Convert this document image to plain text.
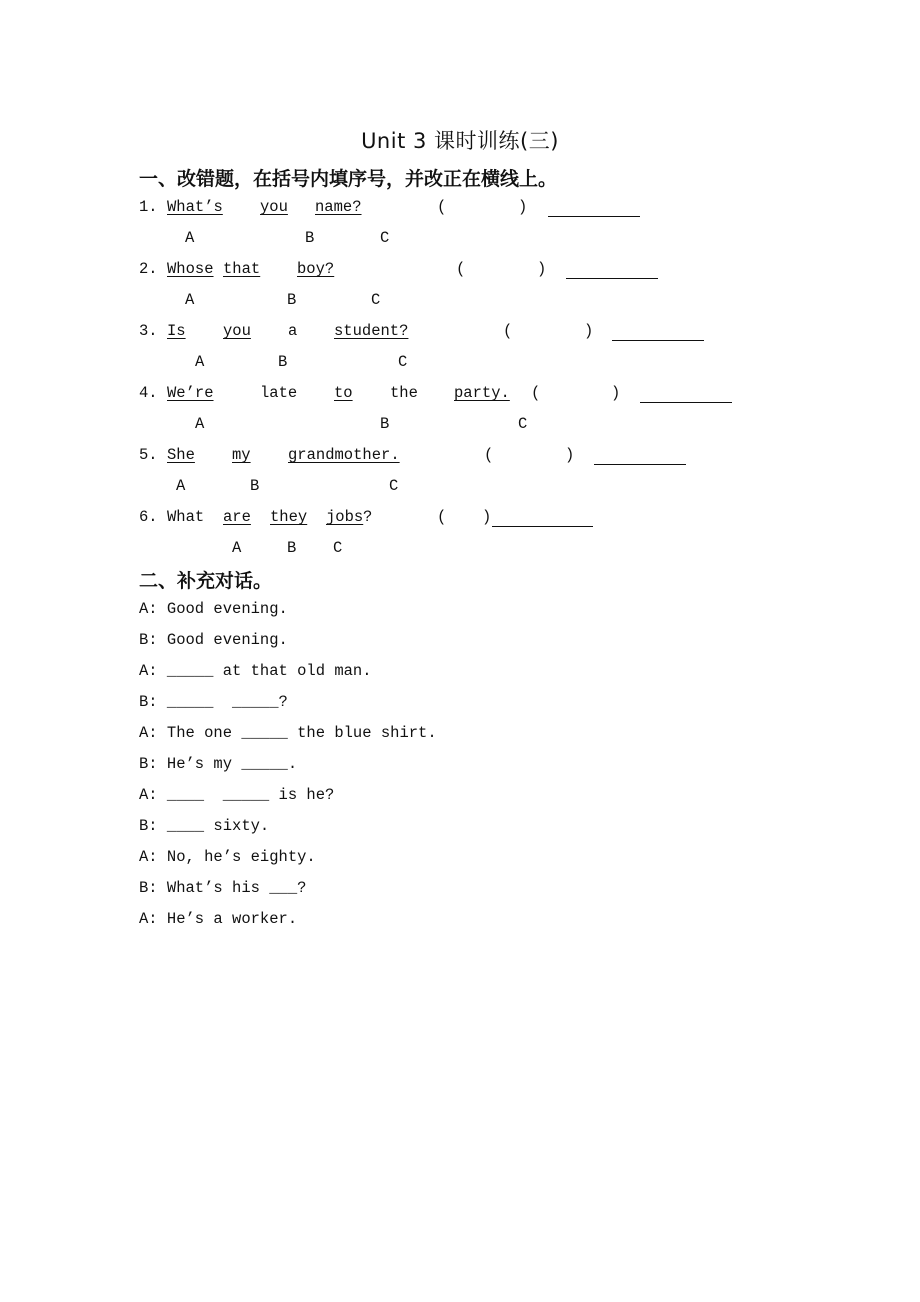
Unit 3 课时训练(三)
一、改错题，在括号内填序号，并改正在横线上。
1. What’s you name?	(	)
A	B	C
2. Whose that boy?	(	)
A	B	C
3. Is you a student?	(	)
A	B	C
4. We’re	late to the party. (	)
A	B	C
5. She my grandmother.	(	)
A	B	C
6. What are they jobs ?	( )
A	B C
二、补充对话。
A: Good evening.
B: Good evening.
A: _____ at that old man.
B: _____  _____?
A: The one _____ the blue shirt.
B: He’s my _____.
A: ____  _____ is he?
B: ____ sixty.
A: No, he’s eighty.
B: What’s his ___?
A: He’s a worker.
